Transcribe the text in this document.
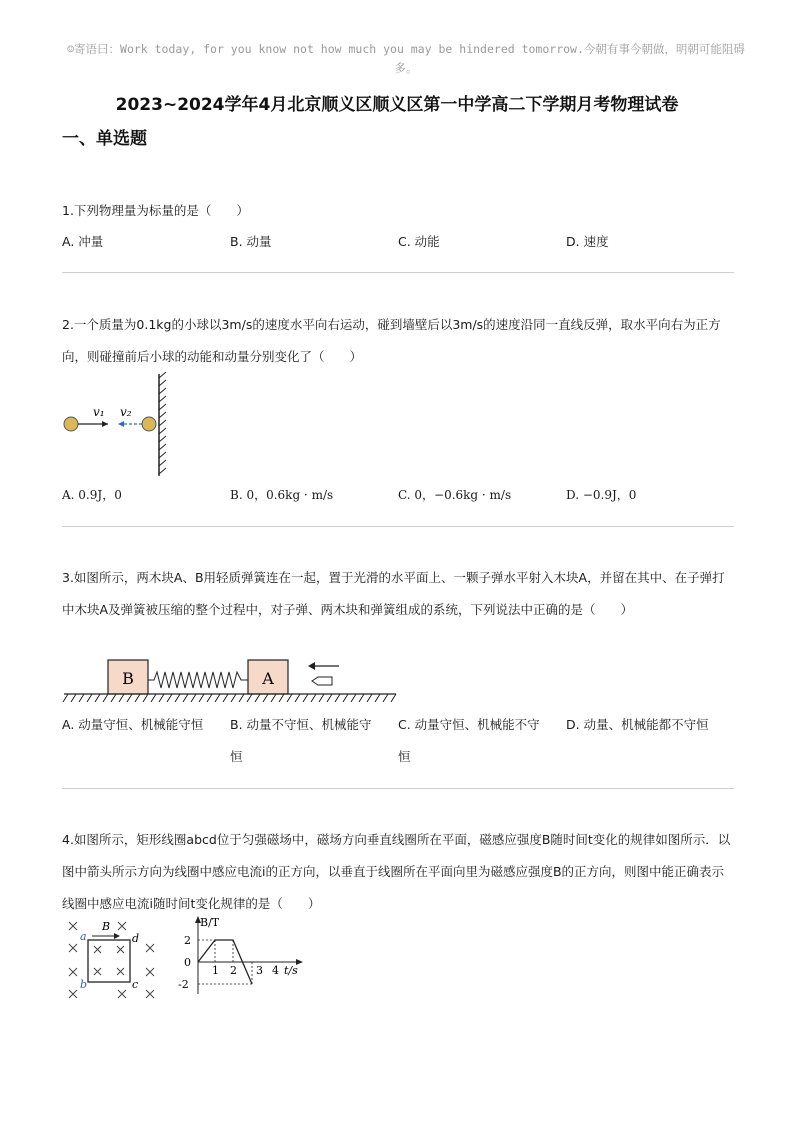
☺寄语曰：Work today, for you know not how much you may be hindered tomorrow.今朝有事今朝做，明朝可能阻碍多。
2023~2024学年4月北京顺义区顺义区第一中学高二下学期月考物理试卷
一、单选题
1.下列物理量为标量的是（　　）
A. 冲量	B. 动量	C. 动能	D. 速度
2.一个质量为0.1kg的小球以3m/s的速度水平向右运动，碰到墙壁后以3m/s的速度沿同一直线反弹，取水平向右为正方向，则碰撞前后小球的动能和动量分别变化了（　　）
v₁ v₂
A. 0.9J，0	B. 0，0.6kg · m/s	C. 0，−0.6kg · m/s	D. −0.9J，0
3.如图所示，两木块A、B用轻质弹簧连在一起，置于光滑的水平面上、一颗子弹水平射入木块A，并留在其中、在子弹打中木块A及弹簧被压缩的整个过程中，对子弹、两木块和弹簧组成的系统，下列说法中正确的是（　　）
B	A
A. 动量守恒、机械能守恒	B. 动量不守恒、机械能守恒
C. 动量守恒、机械能不守恒
D. 动量、机械能都不守恒
4.如图所示，矩形线圈abcd位于匀强磁场中，磁场方向垂直线圈所在平面，磁感应强度B随时间t变化的规律如图所示．以图中箭头所示方向为线圈中感应电流i的正方向，以垂直于线圈所在平面向里为磁感应强度B的正方向，则图中能正确表示线圈中感应电流i随时间t变化规律的是（　　）
a
B
d
b	c
B/T
t/s
2
0
-2
1 2 3 4
